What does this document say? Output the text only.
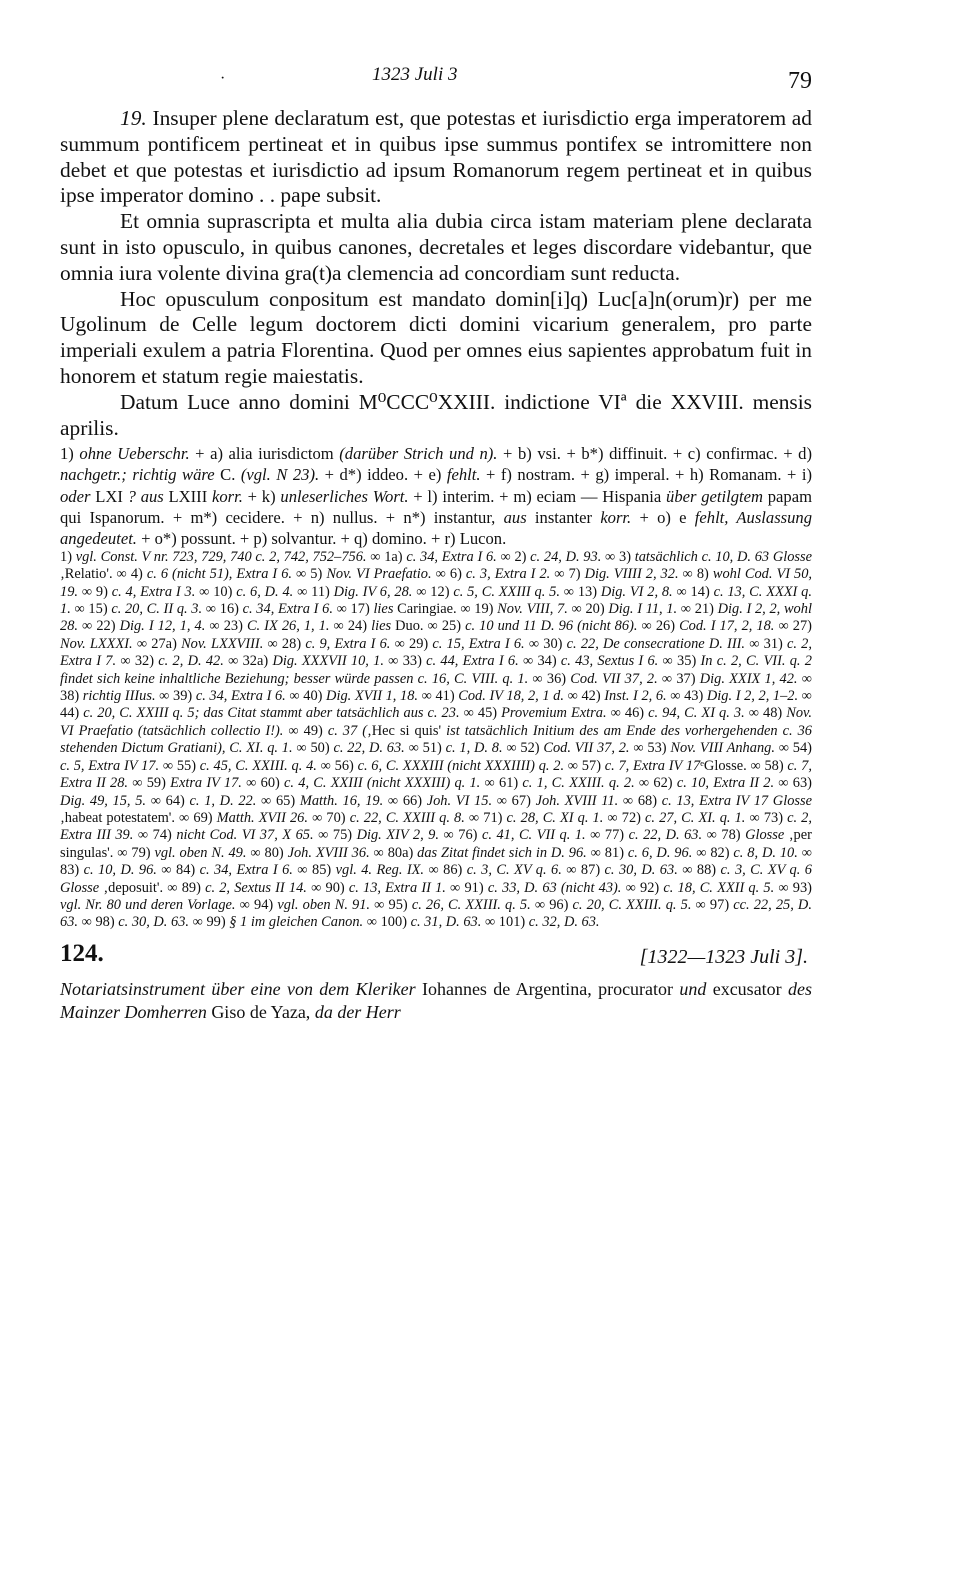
·	1323 Juli 3	79

19. Insuper plene declaratum est, que potestas et iurisdictio erga imperatorem ad summum pontificem pertineat et in quibus ipse summus pontifex se intromittere non debet et que potestas et iurisdictio ad ipsum Romanorum regem pertineat et in quibus ipse imperator domino . . pape subsit.

Et omnia suprascripta et multa alia dubia circa istam materiam plene declarata sunt in isto opusculo, in quibus canones, decretales et leges discordare videbantur, que omnia iura volente divina gra(t)a clemencia ad concordiam sunt reducta.

Hoc opusculum conpositum est mandato domin[i]q) Luc[a]n(orum)r) per me Ugolinum de Celle legum doctorem dicti domini vicarium generalem, pro parte imperiali exulem a patria Florentina. Quod per omnes eius sapientes approbatum fuit in honorem et statum regie maiestatis.

Datum Luce anno domini M⁰CCC⁰XXIII. indictione VIª die XXVIII. mensis aprilis.

1) ohne Ueberschr. + a) alia iurisdictom (darüber Strich und n). + b) vsi. + b*) diffinuit. + c) confirmac. + d) nachgetr.; richtig wäre C. (vgl. N 23). + d*) iddeo. + e) fehlt. + f) nostram. + g) imperal. + h) Romanam. + i) oder LXI ? aus LXIII korr. + k) unleserliches Wort. + l) interim. + m) eciam — Hispania über getilgtem papam qui Ispanorum. + m*) cecidere. + n) nullus. + n*) instantur, aus instanter korr. + o) e fehlt, Auslassung angedeutet. + o*) possunt. + p) solvantur. + q) domino. + r) Lucon.

1) vgl. Const. V nr. 723, 729, 740 c. 2, 742, 752–756. ∞ 1a) c. 34, Extra I 6. ∞ 2) c. 24, D. 93. ∞ 3) tatsächlich c. 10, D. 63 Glosse ‚Relatio'. ∞ 4) c. 6 (nicht 51), Extra I 6. ∞ 5) Nov. VI Praefatio. ∞ 6) c. 3, Extra I 2. ∞ 7) Dig. VIIII 2, 32. ∞ 8) wohl Cod. VI 50, 19. ∞ 9) c. 4, Extra I 3. ∞ 10) c. 6, D. 4. ∞ 11) Dig. IV 6, 28. ∞ 12) c. 5, C. XXIII q. 5. ∞ 13) Dig. VI 2, 8. ∞ 14) c. 13, C. XXXI q. 1. ∞ 15) c. 20, C. II q. 3. ∞ 16) c. 34, Extra I 6. ∞ 17) lies Caringiae. ∞ 19) Nov. VIII, 7. ∞ 20) Dig. I 11, 1. ∞ 21) Dig. I 2, 2, wohl 28. ∞ 22) Dig. I 12, 1, 4. ∞ 23) C. IX 26, 1, 1. ∞ 24) lies Duo. ∞ 25) c. 10 und 11 D. 96 (nicht 86). ∞ 26) Cod. I 17, 2, 18. ∞ 27) Nov. LXXXI. ∞ 27a) Nov. LXXVIII. ∞ 28) c. 9, Extra I 6. ∞ 29) c. 15, Extra I 6. ∞ 30) c. 22, De consecratione D. III. ∞ 31) c. 2, Extra I 7. ∞ 32) c. 2, D. 42. ∞ 32a) Dig. XXXVII 10, 1. ∞ 33) c. 44, Extra I 6. ∞ 34) c. 43, Sextus I 6. ∞ 35) In c. 2, C. VII. q. 2 findet sich keine inhaltliche Beziehung; besser würde passen c. 16, C. VIII. q. 1. ∞ 36) Cod. VII 37, 2. ∞ 37) Dig. XXIX 1, 42. ∞ 38) richtig IIIus. ∞ 39) c. 34, Extra I 6. ∞ 40) Dig. XVII 1, 18. ∞ 41) Cod. IV 18, 2, 1 d. ∞ 42) Inst. I 2, 6. ∞ 43) Dig. I 2, 2, 1–2. ∞ 44) c. 20, C. XXIII q. 5; das Citat stammt aber tatsächlich aus c. 23. ∞ 45) Provemium Extra. ∞ 46) c. 94, C. XI q. 3. ∞ 48) Nov. VI Praefatio (tatsächlich collectio I!). ∞ 49) c. 37 (‚Hec si quis' ist tatsächlich Initium des am Ende des vorhergehenden c. 36 stehenden Dictum Gratiani), C. XI. q. 1. ∞ 50) c. 22, D. 63. ∞ 51) c. 1, D. 8. ∞ 52) Cod. VII 37, 2. ∞ 53) Nov. VIII Anhang. ∞ 54) c. 5, Extra IV 17. ∞ 55) c. 45, C. XXIII. q. 4. ∞ 56) c. 6, C. XXXIII (nicht XXXIIII) q. 2. ∞ 57) c. 7, Extra IV 17ᵉGlosse. ∞ 58) c. 7, Extra II 28. ∞ 59) Extra IV 17. ∞ 60) c. 4, C. XXIII (nicht XXXIII) q. 1. ∞ 61) c. 1, C. XXIII. q. 2. ∞ 62) c. 10, Extra II 2. ∞ 63) Dig. 49, 15, 5. ∞ 64) c. 1, D. 22. ∞ 65) Matth. 16, 19. ∞ 66) Joh. VI 15. ∞ 67) Joh. XVIII 11. ∞ 68) c. 13, Extra IV 17 Glosse ‚habeat potestatem'. ∞ 69) Matth. XVII 26. ∞ 70) c. 22, C. XXIII q. 8. ∞ 71) c. 28, C. XI q. 1. ∞ 72) c. 27, C. XI. q. 1. ∞ 73) c. 2, Extra III 39. ∞ 74) nicht Cod. VI 37, X 65. ∞ 75) Dig. XIV 2, 9. ∞ 76) c. 41, C. VII q. 1. ∞ 77) c. 22, D. 63. ∞ 78) Glosse ‚per singulas'. ∞ 79) vgl. oben N. 49. ∞ 80) Joh. XVIII 36. ∞ 80a) das Zitat findet sich in D. 96. ∞ 81) c. 6, D. 96. ∞ 82) c. 8, D. 10. ∞ 83) c. 10, D. 96. ∞ 84) c. 34, Extra I 6. ∞ 85) vgl. 4. Reg. IX. ∞ 86) c. 3, C. XV q. 6. ∞ 87) c. 30, D. 63. ∞ 88) c. 3, C. XV q. 6 Glosse ‚deposuit'. ∞ 89) c. 2, Sextus II 14. ∞ 90) c. 13, Extra II 1. ∞ 91) c. 33, D. 63 (nicht 43). ∞ 92) c. 18, C. XXII q. 5. ∞ 93) vgl. Nr. 80 und deren Vorlage. ∞ 94) vgl. oben N. 91. ∞ 95) c. 26, C. XXIII. q. 5. ∞ 96) c. 20, C. XXIII. q. 5. ∞ 97) cc. 22, 25, D. 63. ∞ 98) c. 30, D. 63. ∞ 99) § 1 im gleichen Canon. ∞ 100) c. 31, D. 63. ∞ 101) c. 32, D. 63.

124.	[1322—1323 Juli 3].

Notariatsinstrument über eine von dem Kleriker Iohannes de Argentina, procurator und excusator des Mainzer Domherren Giso de Yaza, da der Herr
